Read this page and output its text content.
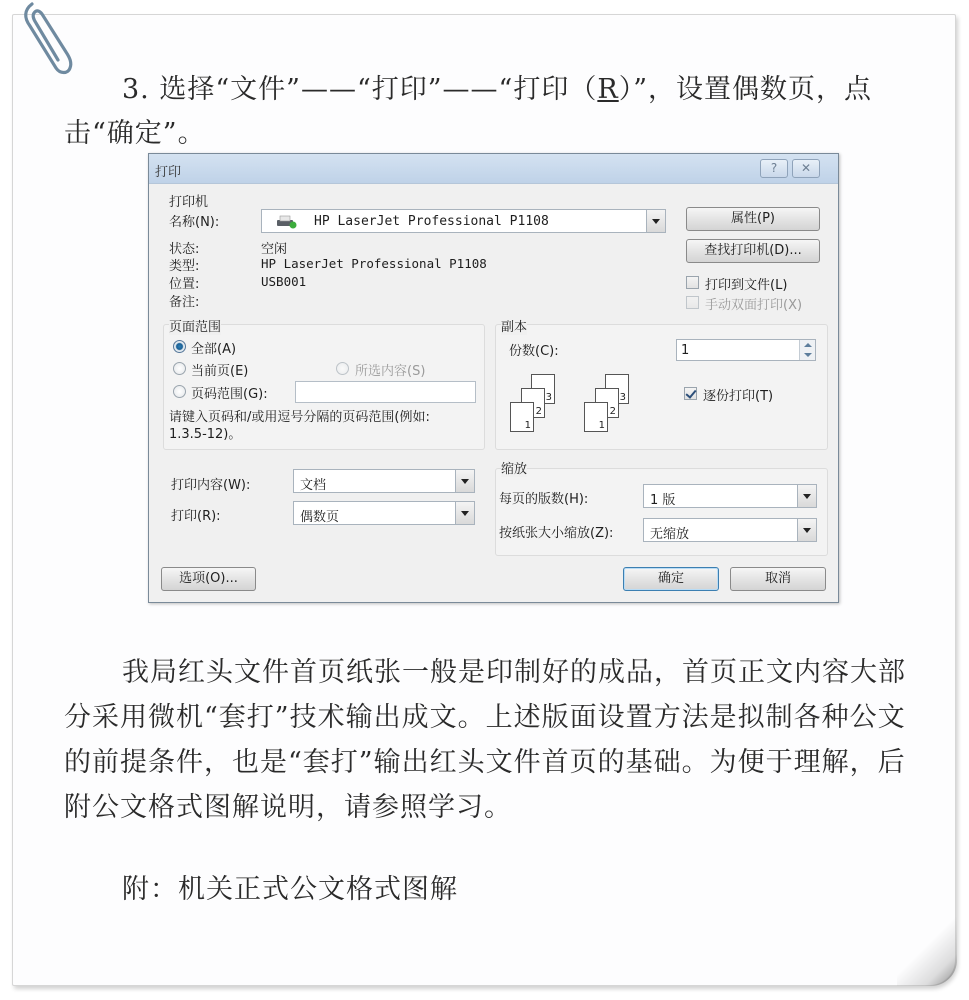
3. 选择“文件”——“打印”——“打印（R）”，设置偶数页，点击“确定”。
打印	?	✕
打印机
名称(N):	HP LaserJet Professional P1108
状态:	空闲
类型:	HP LaserJet Professional P1108
位置:	USB001
备注:
属性(P)
查找打印机(D)...
打印到文件(L)
手动双面打印(X)
页面范围
全部(A)
当前页(E)	所选内容(S)
页码范围(G):
请键入页码和/或用逗号分隔的页码范围(例如: 1.3.5-12)。
副本
份数(C):	1
3
2
1
3
2
1
逐份打印(T)
打印内容(W):	文档
打印(R):	偶数页
缩放
每页的版数(H):	1 版
按纸张大小缩放(Z):	无缩放
选项(O)...	确定	取消
我局红头文件首页纸张一般是印制好的成品，首页正文内容大部分采用微机“套打”技术输出成文。上述版面设置方法是拟制各种公文的前提条件，也是“套打”输出红头文件首页的基础。为便于理解，后附公文格式图解说明，请参照学习。
附：机关正式公文格式图解
